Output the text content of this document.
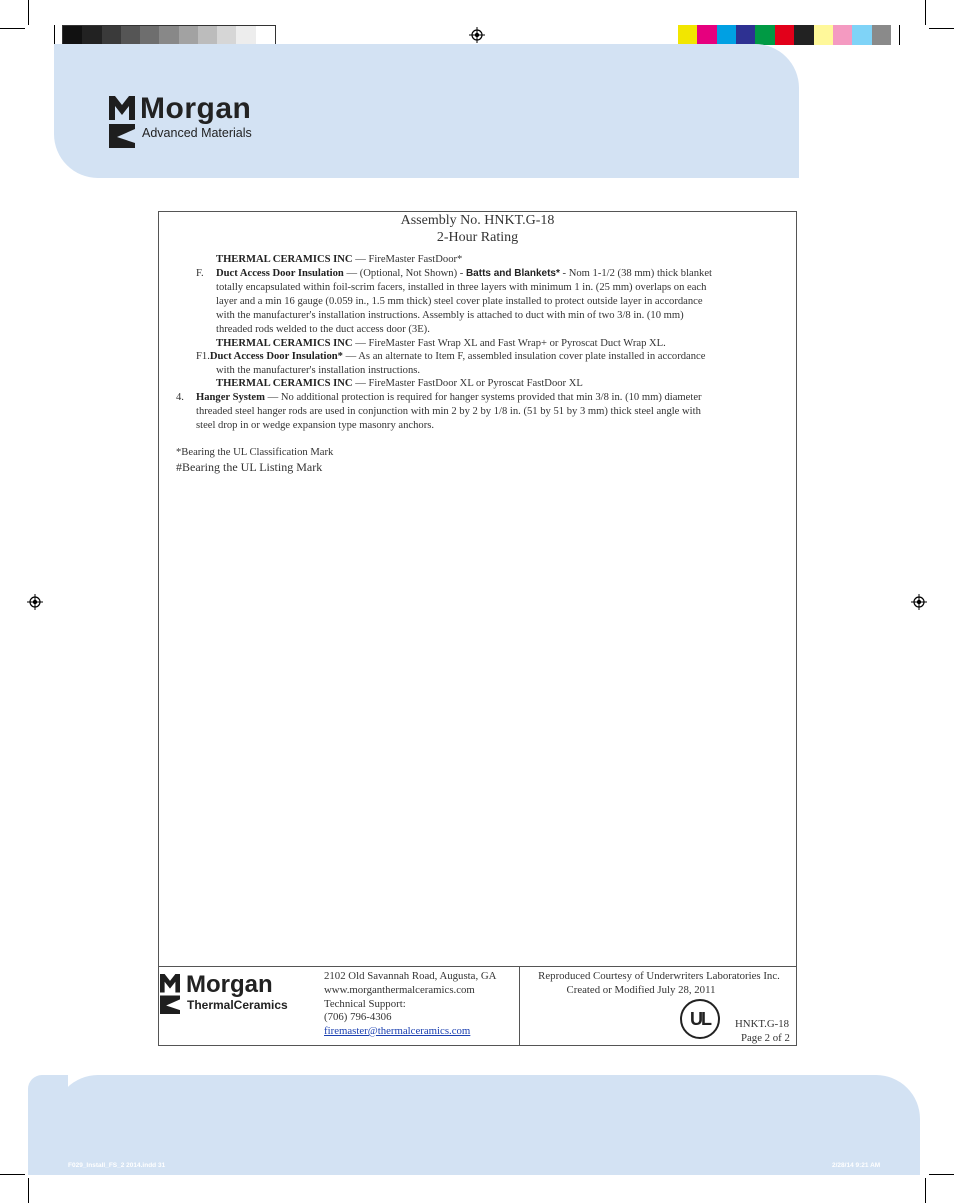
Morgan
Advanced Materials
Assembly No. HNKT.G-18
2-Hour Rating
THERMAL CERAMICS INC — FireMaster FastDoor*
F. Duct Access Door Insulation — (Optional, Not Shown) - Batts and Blankets* - Nom 1-1/2 (38 mm) thick blanket
totally encapsulated within foil-scrim facers, installed in three layers with minimum 1 in. (25 mm) overlaps on each
layer and a min 16 gauge (0.059 in., 1.5 mm thick) steel cover plate installed to protect outside layer in accordance
with the manufacturer's installation instructions. Assembly is attached to duct with min of two 3/8 in. (10 mm)
threaded rods welded to the duct access door (3E).
THERMAL CERAMICS INC — FireMaster Fast Wrap XL and Fast Wrap+ or Pyroscat Duct Wrap XL.
F1.Duct Access Door Insulation* — As an alternate to Item F, assembled insulation cover plate installed in accordance
with the manufacturer's installation instructions.
THERMAL CERAMICS INC — FireMaster FastDoor XL or Pyroscat FastDoor XL
4. Hanger System — No additional protection is required for hanger systems provided that min 3/8 in. (10 mm) diameter
threaded steel hanger rods are used in conjunction with min 2 by 2 by 1/8 in. (51 by 51 by 3 mm) thick steel angle with
steel drop in or wedge expansion type masonry anchors.
*Bearing the UL Classification Mark
#Bearing the UL Listing Mark
Morgan
ThermalCeramics
2102 Old Savannah Road, Augusta, GA
www.morganthermalceramics.com
Technical Support:
(706) 796-4306
firemaster@thermalceramics.com
Reproduced Courtesy of Underwriters Laboratories Inc.
Created or Modified July 28, 2011
UL HNKT.G-18
Page 2 of 2
F029_Install_FS_2 2014.indd 31	2/28/14 9:21 AM
